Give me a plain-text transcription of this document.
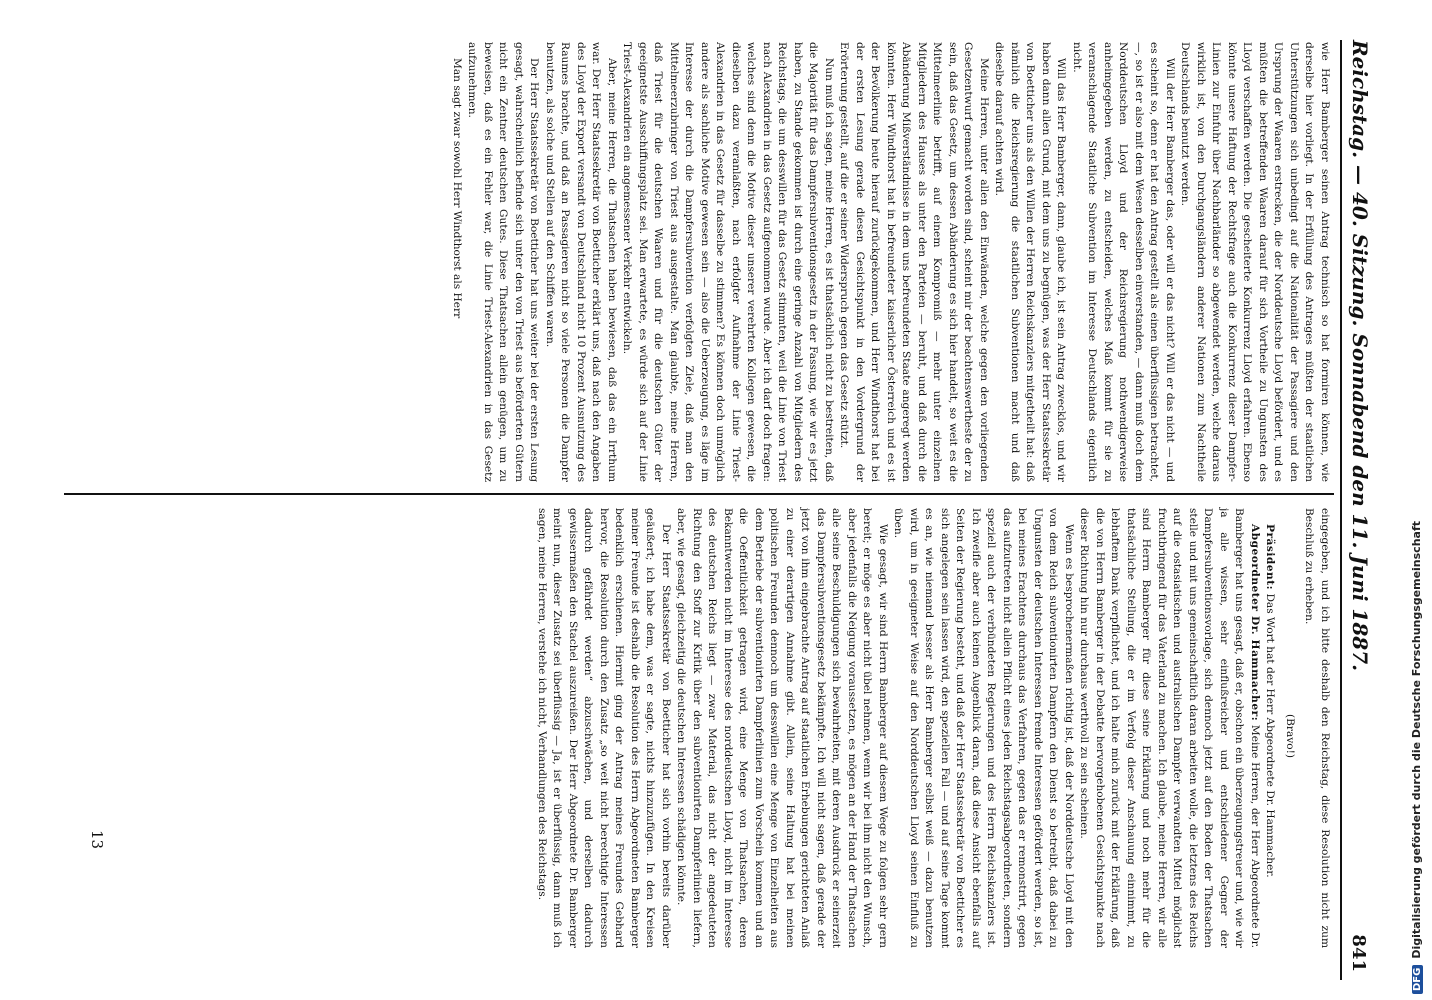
Reichstag. — 40. Sitzung. Sonnabend den 11. Juni 1887.
841

wie Herr Bamberger seinen Antrag technisch so hat formiren können, wie derselbe hier vorliegt. In der Erfüllung des Antrages müßten der staatlichen Unterstützungen sich unbedingt auf die Nationalität der Passagiere und den Ursprung der Waaren erstrecken, die der Norddeutsche Lloyd befördert, und es müßten die betreffenden Waaren darauf für sich Vortheile zu Ungunsten des Lloyd verschaffen werden. Die gescheiterte Konkurrenz Lloyd erfahren. Ebenso könnte unsere Haftung der Rechtsfrage auch die Konkurrenz dieser Dampfer-Linien zur Einfuhr über Nachbarländer so abgewendet werden, welche daraus wirklich ist, von den Durchgangsländern anderer Nationen zum Nachtheile Deutschlands benutzt werden.

Will der Herr Bamberger das, oder will er das nicht? Will er das nicht — und es scheint so, denn er hat den Antrag gestellt als einen überflüssigen betrachtet, —, so ist er also mit dem Wesen desselben einverstanden, — dann muß doch dem Norddeutschen Lloyd und der Reichsregierung nothwendigerweise anheimgegeben werden, zu entscheiden, welches Maß kommt für sie zu veranschlagende Staatliche Subvention im Interesse Deutschlands eigentlich nicht.

Will das Herr Bamberger, dann, glaube ich, ist sein Antrag zwecklos, und wir haben dann allen Grund, mit dem uns zu begnügen, was der Herr Staatssekretär von Boetticher uns als den Willen der Herren Reichskanzlers mitgetheilt hat: daß nämlich die Reichsregierung die staatlichen Subventionen macht und daß dieselbe darauf achten wird.

Meine Herren, unter allen den Einwänden, welche gegen den vorliegenden Gesetzentwurf gemacht worden sind, scheint mir der beachtenswertheste der zu sein, daß das Gesetz, um dessen Abänderung es sich hier handelt, so weit es die Mittelmeerlinie betrifft, auf einem Kompromiß — mehr unter einzelnen Mitgliedern des Hauses als unter den Parteien — beruht, und daß durch die Abänderung Mißverständnisse in dem uns befreundeten Staate angeregt werden könnten. Herr Windthorst hat in befreundeter kaiserlicher Österreich und es ist der Bevölkerung heute hierauf zurückgekommen, und Herr Windthorst hat bei der ersten Lesung gerade diesen Gesichtspunkt in den Vordergrund der Erörterung gestellt, auf die er seiner Widerspruch gegen das Gesetz stützt.

Nun muß ich sagen, meine Herren, es ist thatsächlich nicht zu bestreiten, daß die Majorität für das Dampfersubventionsgesetz in der Fassung, wie wir es jetzt haben, zu Stande gekommen ist durch eine geringe Anzahl von Mitgliedern des Reichstags, die um desswillen für das Gesetz stimmten, weil die Linie von Triest nach Alexandrien in das Gesetz aufgenommen wurde. Aber ich darf doch fragen: welches sind denn die Motive dieser unserer verehrten Kollegen gewesen, die dieselben dazu veranlaßten, nach erfolgter Aufnahme der Linie Triest-Alexandrien in das Gesetz für dasselbe zu stimmen? Es können doch unmöglich andere als sachliche Motive gewesen sein — also die Ueberzeugung, es läge im Interesse der durch die Dampfersubvention verfolgten Ziele, daß man den Mittelmeerzubringer von Triest aus ausgestalte. Man glaubte, meine Herren, daß Triest für die deutschen Waaren und für die deutschen Güter der geeignetste Ausschiffungsplatz sei. Man erwartete, es würde sich auf der Linie Triest-Alexandrien ein angemessener Verkehr entwickeln.

Aber, meine Herren, die Thatsachen haben bewiesen, daß das ein Irrthum war. Der Herr Staatssekretär von Boetticher erklärt uns, daß nach den Angaben des Lloyd der Export versandt von Deutschland nicht 10 Prozent Ausnutzung des Raumes brachte, und daß an Passagieren nicht so viele Personen die Dampfer benutzen, als solche und Stellen auf den Schiffen waren.

Der Herr Staatssekretär von Boetticher hat uns weiter bei der ersten Lesung gesagt, wahrscheinlich befinde sich unter den von Triest aus beförderten Gütern nicht ein Zentner deutschen Gutes. Diese Thatsachen allein genügen, um zu beweisen, daß es ein Fehler war, die Linie Triest-Alexandrien in das Gesetz aufzunehmen.

Man sagt zwar sowohl Herr Windthorst als Herr

eingegeben, und ich bitte deshalb den Reichstag, diese Resolution nicht zum Beschluß zu erheben.

(Bravo!)

Präsident: Das Wort hat der Herr Abgeordnete Dr. Hammacher.

Abgeordneter Dr. Hammacher: Meine Herren, der Herr Abgeordnete Dr. Bamberger hat uns gesagt, daß er, obschon ein überzeugungstreuer und, wie wir ja alle wissen, sehr einflußreicher und entschiedener Gegner der Dampfersubventionsvorlage, sich dennoch jetzt auf den Boden der Thatsachen stelle und mit uns gemeinschaftlich daran arbeiten wolle, die letztens des Reichs auf die ostasiatischen und australischen Dampfer verwandten Mittel möglichst fruchtbringend für das Vaterland zu machen. Ich glaube, meine Herren, wir alle sind Herrn Bamberger für diese seine Erklärung und noch mehr für die thatsächliche Stellung, die er im Verfolg dieser Anschauung einnimmt, zu lebhaftem Dank verpflichtet, und ich halte mich zurück mit der Erklärung, daß die von Herrn Bamberger in der Debatte hervorgehobenen Gesichtspunkte nach dieser Richtung hin nur durchaus werthvoll zu sein scheinen.

Wenn es besprochenermaßen richtig ist, daß der Norddeutsche Lloyd mit den von dem Reich subventionirten Dampfern den Dienst so betreibt, daß dabei zu Ungunsten der deutschen Interessen fremde Interessen gefördert werden, so ist, bei meines Erachtens durchaus das Verfahren, gegen das er remonstrirt, gegen das aufzutreten nicht allein Pflicht eines jeden Reichstagsabgeordneten, sondern speziell auch der verbündeten Regierungen und des Herrn Reichskanzlers ist. Ich zweifle aber auch keinen Augenblick daran, daß diese Ansicht ebenfalls auf Seiten der Regierung besteht, und daß der Herr Staatssekretär von Boetticher es sich angelegen sein lassen wird, den speziellen Fall — und auf seine Tage kommt es an, wie niemand besser als Herr Bamberger selbst weiß — dazu benutzen wird, um in geeigneter Weise auf den Norddeutschen Lloyd seinen Einfluß zu üben.

Wie gesagt, wir sind Herrn Bamberger auf diesem Wege zu folgen sehr gern bereit; er möge es aber nicht übel nehmen, wenn wir bei ihm nicht den Wunsch, aber jedenfalls die Neigung voraussetzen, es mögen an der Hand der Thatsachen alle seine Beschuldigungen sich bewahrheiten, mit deren Ausdruck er seinerzeit das Dampfersubventionsgesetz bekämpfte. Ich will nicht sagen, daß gerade der jetzt von ihm eingebrachte Antrag auf staatlichen Erhebungen gerichteten Anlaß zu einer derartigen Annahme gibt. Allein, seine Haltung hat bei meinen politischen Freunden dennoch um desswillen eine Menge von Einzelheiten aus dem Betriebe der subventionirten Dampferlinien zum Vorschein kommen und an die Oeffentlichkeit getragen wird, eine Menge von Thatsachen, deren Bekanntwerden nicht im Interesse des norddeutschen Lloyd, nicht im Interesse des deutschen Reichs liegt — zwar Material, das nicht der angedeuteten Richtung den Stoff zur Kritik über den subventionirten Dampferlinien liefern, aber, wie gesagt, gleichzeitig die deutschen Interessen schädigen könnte.

Der Herr Staatssekretär von Boetticher hat sich vorhin bereits darüber geäußert; ich habe dem, was er sagte, nichts hinzuzufügen. In den Kreisen meiner Freunde ist deshalb die Resolution des Herrn Abgeordneten Bamberger bedenklich erschienen. Hiermit ging der Antrag meines Freundes Gebhard hervor, die Resolution durch den Zusatz „so weit nicht berechtigte Interessen dadurch gefährdet werden“ abzuschwächen, und derselben dadurch gewissermaßen den Stachel auszureißen. Der Herr Abgeordnete Dr. Bamberger meint nun, dieser Zusatz sei überflüssig — Ja, ist er überflüssig, dann muß ich sagen, meine Herren, verstehe ich nicht, Verhandlungen des Reichstags.

13
DFGDigitalisierung gefördert durch die Deutsche Forschungsgemeinschaft
